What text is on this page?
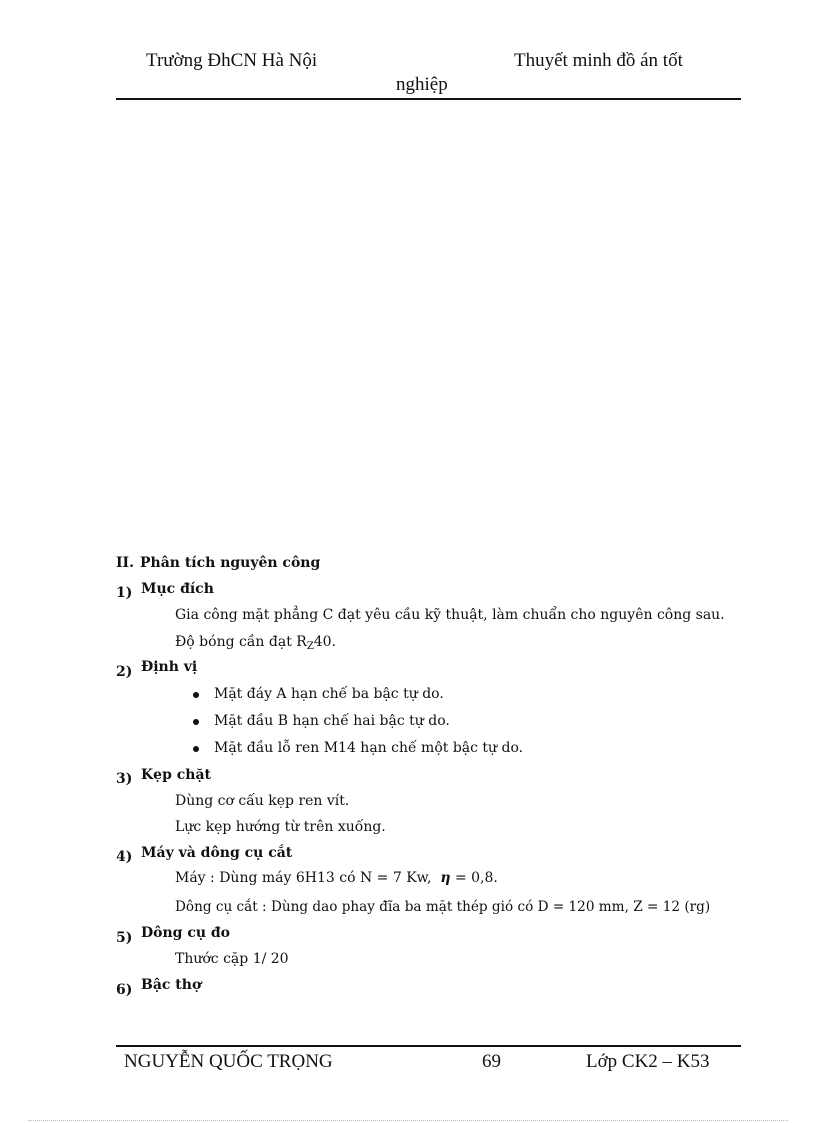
Trường ĐhCN Hà Nội	Thuyết minh đồ án tốt
nghiệp
II. Phân tích nguyên công
1) Mục đích
Gia công mặt phẳng C đạt yêu cầu kỹ thuật, làm chuẩn cho nguyên công sau.
Độ bóng cần đạt $R_Z40$.
2) Định vị
Mặt đáy A hạn chế ba bậc tự do.
Mặt đầu B hạn chế hai bậc tự do.
Mặt đầu lỗ ren M14 hạn chế một bậc tự do.
3) Kẹp chặt
Dùng cơ cấu kẹp ren vít.
Lực kẹp hướng từ trên xuống.
4) Máy và dông cụ cắt
Máy : Dùng máy 6H13 có N = 7 Kw, η = 0,8.
Dông cụ cắt : Dùng dao phay đĩa ba mặt thép gió có D = 120 mm, Z = 12 (rg)
5) Dông cụ đo
Thước cặp 1/ 20
6) Bậc thợ
NGUYỄN QUỐC TRỌNG	69	Lớp CK2 – K53
